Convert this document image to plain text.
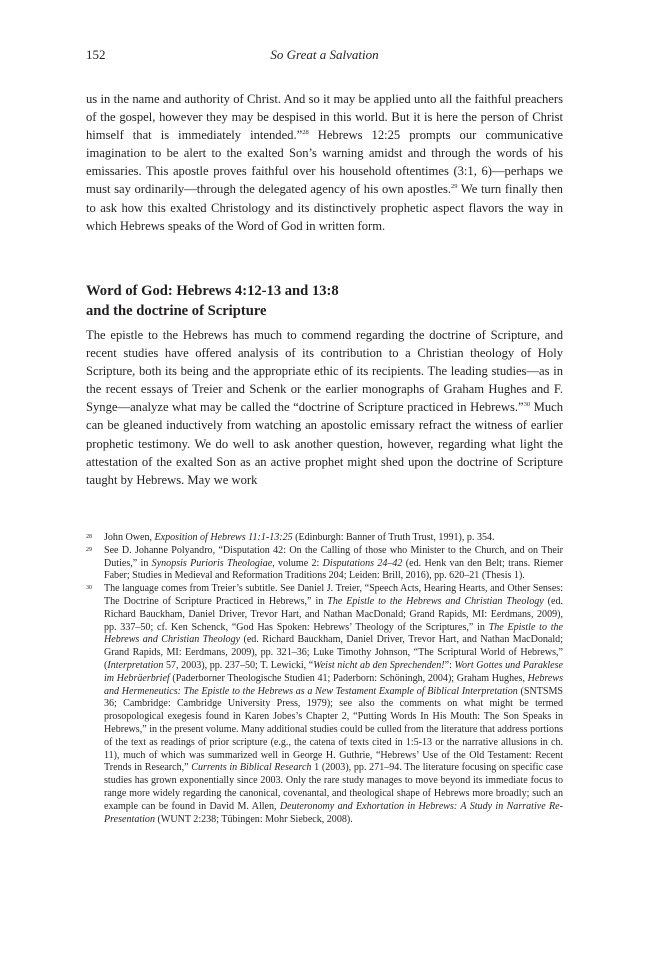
152	So Great a Salvation

us in the name and authority of Christ. And so it may be applied unto all the faithful preachers of the gospel, however they may be despised in this world. But it is here the person of Christ himself that is immediately intended.”$^{28}$ Hebrews 12:25 prompts our communicative imagination to be alert to the exalted Son’s warning amidst and through the words of his emissaries. This apostle proves faithful over his household oftentimes (3:1, 6)—perhaps we must say ordinarily—through the delegated agency of his own apostles.$^{29}$ We turn finally then to ask how this exalted Christology and its distinctively prophetic aspect flavors the way in which Hebrews speaks of the Word of God in written form.

Word of God: Hebrews 4:12-13 and 13:8
and the doctrine of Scripture

The epistle to the Hebrews has much to commend regarding the doctrine of Scripture, and recent studies have offered analysis of its contribution to a Christian theology of Holy Scripture, both its being and the appropriate ethic of its recipients. The leading studies—as in the recent essays of Treier and Schenk or the earlier monographs of Graham Hughes and F. Synge—analyze what may be called the “doctrine of Scripture practiced in Hebrews.”$^{30}$ Much can be gleaned inductively from watching an apostolic emissary refract the witness of earlier prophetic testimony. We do well to ask another question, however, regarding what light the attestation of the exalted Son as an active prophet might shed upon the doctrine of Scripture taught by Hebrews. May we work

28 John Owen, Exposition of Hebrews 11:1-13:25 (Edinburgh: Banner of Truth Trust, 1991), p. 354.

29 See D. Johanne Polyandro, “Disputation 42: On the Calling of those who Minister to the Church, and on Their Duties,” in Synopsis Purioris Theologiae, volume 2: Disputations 24–42 (ed. Henk van den Belt; trans. Riemer Faber; Studies in Medieval and Reformation Traditions 204; Leiden: Brill, 2016), pp. 620–21 (Thesis 1).

30 The language comes from Treier’s subtitle. See Daniel J. Treier, “Speech Acts, Hearing Hearts, and Other Senses: The Doctrine of Scripture Practiced in Hebrews,” in The Epistle to the Hebrews and Christian Theology (ed. Richard Bauckham, Daniel Driver, Trevor Hart, and Nathan MacDonald; Grand Rapids, MI: Eerdmans, 2009), pp. 337–50; cf. Ken Schenck, “God Has Spoken: Hebrews’ Theology of the Scriptures,” in The Epistle to the Hebrews and Christian Theology (ed. Richard Bauckham, Daniel Driver, Trevor Hart, and Nathan MacDonald; Grand Rapids, MI: Eerdmans, 2009), pp. 321–36; Luke Timothy Johnson, “The Scriptural World of Hebrews,” (Interpretation 57, 2003), pp. 237–50; T. Lewicki, “Weist nicht ab den Sprechenden!”: Wort Gottes und Paraklese im Hebräerbrief (Paderborner Theologische Studien 41; Paderborn: Schöningh, 2004); Graham Hughes, Hebrews and Hermeneutics: The Epistle to the Hebrews as a New Testament Example of Biblical Interpretation (SNTSMS 36; Cambridge: Cambridge University Press, 1979); see also the comments on what might be termed prosopological exegesis found in Karen Jobes’s Chapter 2, “Putting Words In His Mouth: The Son Speaks in Hebrews,” in the present volume. Many additional studies could be culled from the literature that address portions of the text as readings of prior scripture (e.g., the catena of texts cited in 1:5-13 or the narrative allusions in ch. 11), much of which was summarized well in George H. Guthrie, “Hebrews’ Use of the Old Testament: Recent Trends in Research,” Currents in Biblical Research 1 (2003), pp. 271–94. The literature focusing on specific case studies has grown exponentially since 2003. Only the rare study manages to move beyond its immediate focus to range more widely regarding the canonical, covenantal, and theological shape of Hebrews more broadly; such an example can be found in David M. Allen, Deuteronomy and Exhortation in Hebrews: A Study in Narrative Re-Presentation (WUNT 2:238; Tübingen: Mohr Siebeck, 2008).
